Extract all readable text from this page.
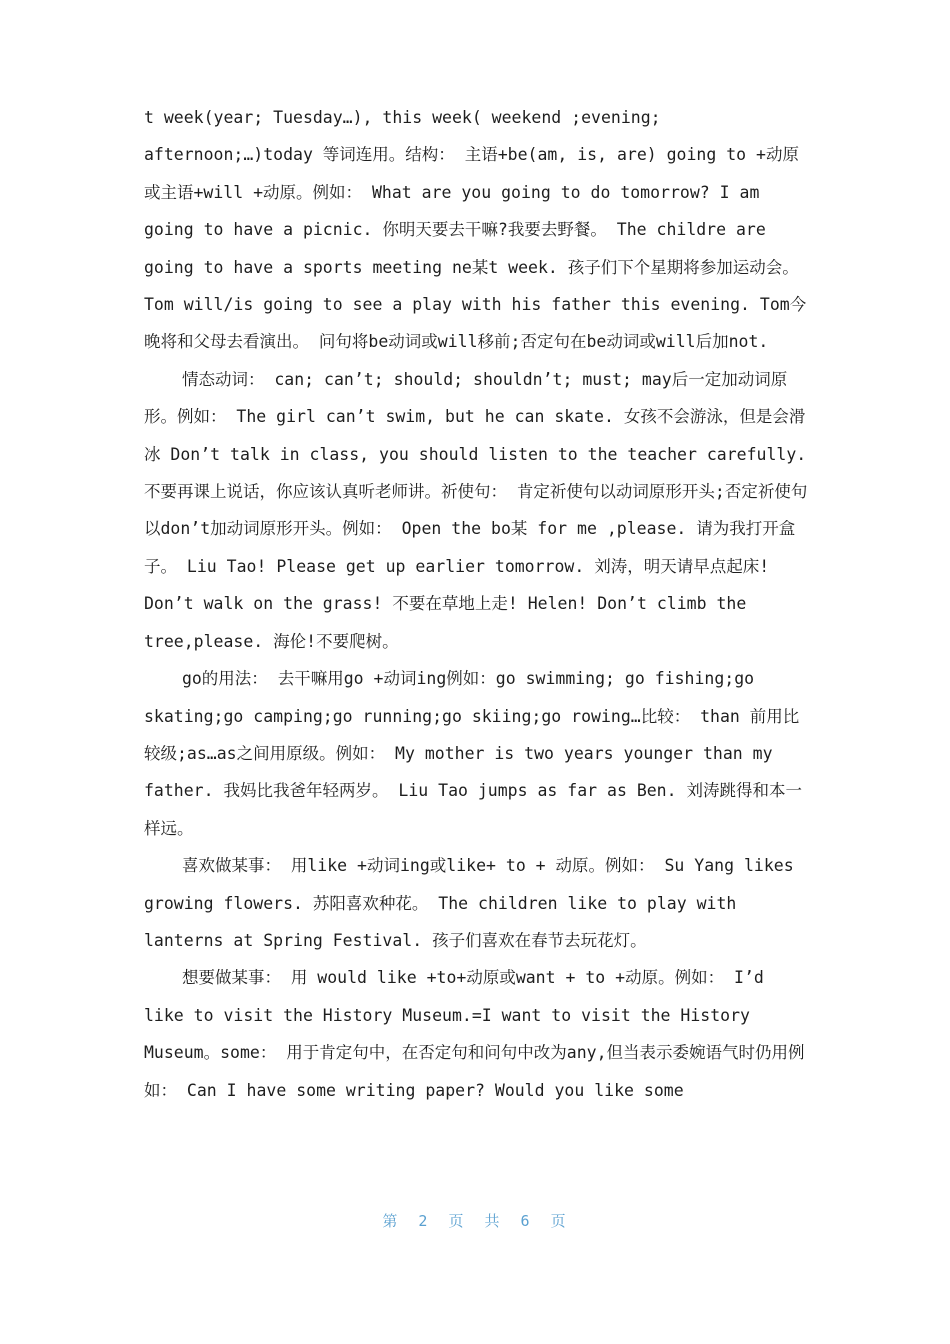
t week(year; Tuesday…), this week( weekend ;evening; afternoon;…)today 等词连用。结构： 主语+be(am, is, are) going to +动原或主语+will +动原。例如： What are you going to do tomorrow? I am going to have a picnic. 你明天要去干嘛?我要去野餐。 The childre are going to have a sports meeting ne某t week. 孩子们下个星期将参加运动会。 Tom will/is going to see a play with his father this evening. Tom今晚将和父母去看演出。 问句将be动词或will移前;否定句在be动词或will后加not.

情态动词： can; can’t; should; shouldn’t; must; may后一定加动词原形。例如： The girl can’t swim, but he can skate. 女孩不会游泳，但是会滑冰 Don’t talk in class, you should listen to the teacher carefully. 不要再课上说话，你应该认真听老师讲。祈使句： 肯定祈使句以动词原形开头;否定祈使句以don’t加动词原形开头。例如： Open the bo某 for me ,please. 请为我打开盒子。 Liu Tao! Please get up earlier tomorrow. 刘涛，明天请早点起床! Don’t walk on the grass! 不要在草地上走! Helen! Don’t climb the tree,please. 海伦!不要爬树。

go的用法： 去干嘛用go +动词ing例如：go swimming; go fishing;go skating;go camping;go running;go skiing;go rowing…比较： than 前用比较级;as…as之间用原级。例如： My mother is two years younger than my father. 我妈比我爸年轻两岁。 Liu Tao jumps as far as Ben. 刘涛跳得和本一样远。

喜欢做某事： 用like +动词ing或like+ to + 动原。例如： Su Yang likes growing flowers. 苏阳喜欢种花。 The children like to play with lanterns at Spring Festival. 孩子们喜欢在春节去玩花灯。

想要做某事： 用 would like +to+动原或want + to +动原。例如： I’d like to visit the History Museum.=I want to visit the History Museum。some： 用于肯定句中，在否定句和问句中改为any,但当表示委婉语气时仍用例如： Can I have some writing paper? Would you like some

第 2 页 共 6 页
